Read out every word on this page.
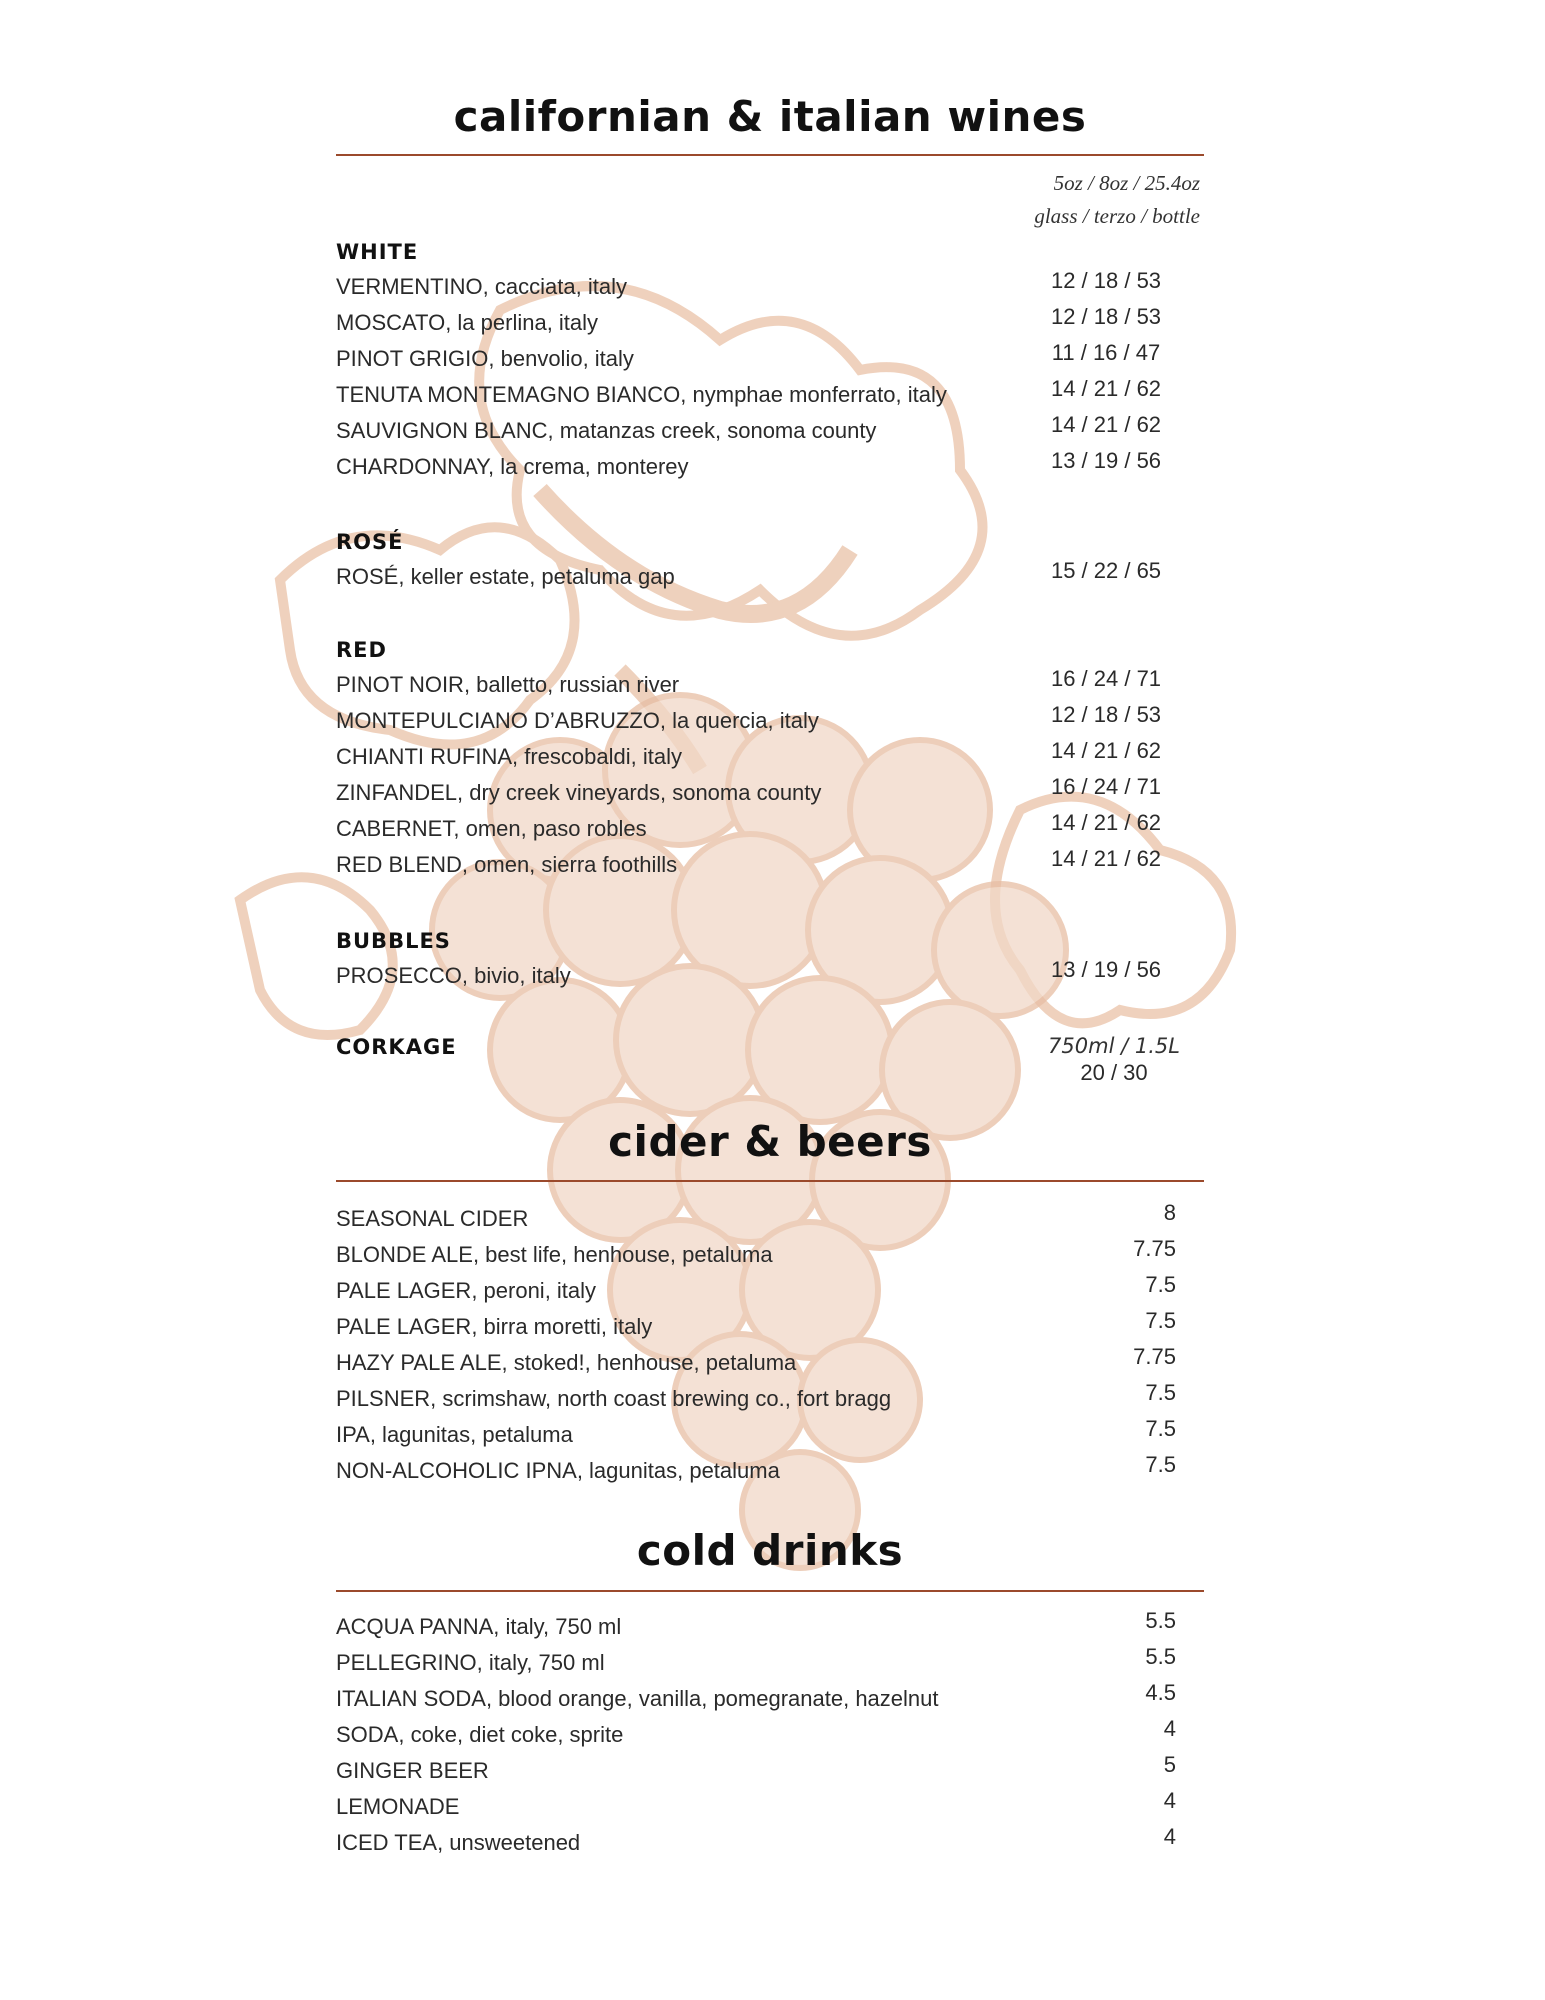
californian & italian wines
5oz / 8oz / 25.4oz
glass / terzo / bottle
WHITE
VERMENTINO, cacciata, italy	12 / 18 / 53
MOSCATO, la perlina, italy	12 / 18 / 53
PINOT GRIGIO, benvolio, italy	11 / 16 / 47
TENUTA MONTEMAGNO BIANCO, nymphae monferrato, italy	14 / 21 / 62
SAUVIGNON BLANC, matanzas creek, sonoma county	14 / 21 / 62
CHARDONNAY, la crema, monterey	13 / 19 / 56
ROSÉ
ROSÉ, keller estate, petaluma gap	15 / 22 / 65
RED
PINOT NOIR, balletto, russian river	16 / 24 / 71
MONTEPULCIANO D’ABRUZZO, la quercia, italy	12 / 18 / 53
CHIANTI RUFINA, frescobaldi, italy	14 / 21 / 62
ZINFANDEL, dry creek vineyards, sonoma county	16 / 24 / 71
CABERNET, omen, paso robles	14 / 21 / 62
RED BLEND, omen, sierra foothills	14 / 21 / 62
BUBBLES
PROSECCO, bivio, italy	13 / 19 / 56
CORKAGE	750ml / 1.5L
20 / 30
cider & beers
SEASONAL CIDER	8
BLONDE ALE, best life, henhouse, petaluma	7.75
PALE LAGER, peroni, italy	7.5
PALE LAGER, birra moretti, italy	7.5
HAZY PALE ALE, stoked!, henhouse, petaluma	7.75
PILSNER, scrimshaw, north coast brewing co., fort bragg	7.5
IPA, lagunitas, petaluma	7.5
NON-ALCOHOLIC IPNA, lagunitas, petaluma	7.5
cold drinks
ACQUA PANNA, italy, 750 ml	5.5
PELLEGRINO, italy, 750 ml	5.5
ITALIAN SODA, blood orange, vanilla, pomegranate, hazelnut	4.5
SODA, coke, diet coke, sprite	4
GINGER BEER	5
LEMONADE	4
ICED TEA, unsweetened	4
